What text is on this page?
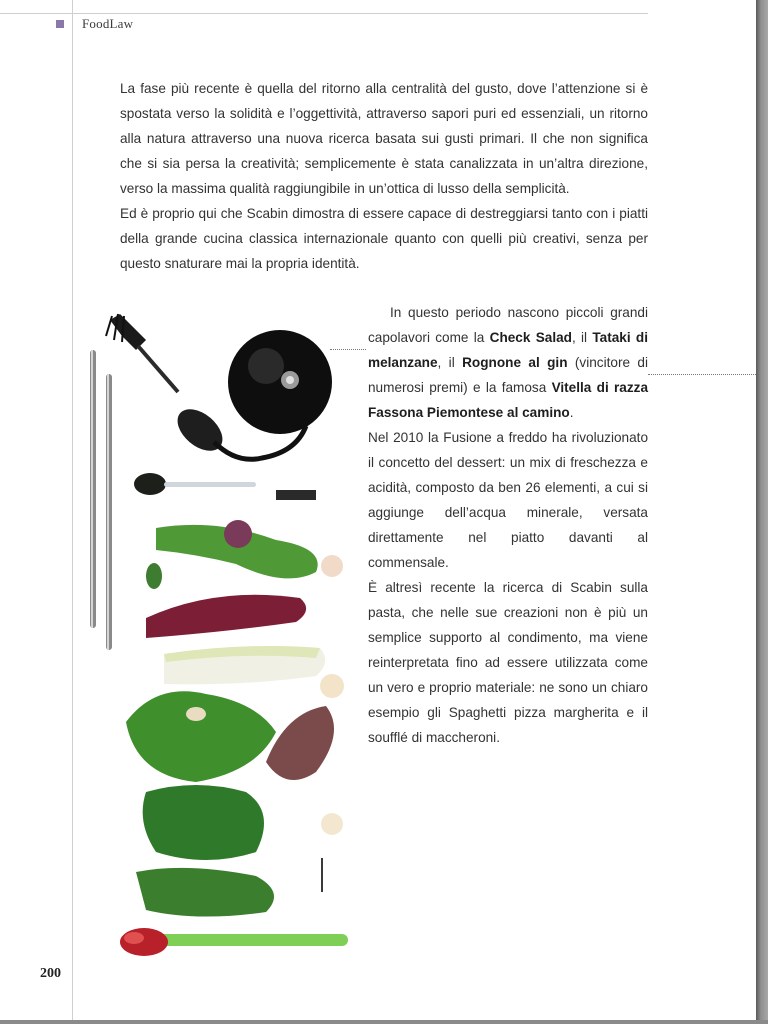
FoodLaw

La fase più recente è quella del ritorno alla centralità del gusto, dove l’attenzione si è spostata verso la solidità e l’oggettività, attraverso sapori puri ed essenziali, un ritorno alla natura attraverso una nuova ricerca basata sui gusti primari. Il che non significa che si sia persa la creatività; semplicemente è stata canalizzata in un’altra direzione, verso la massima qualità raggiungibile in un’ottica di lusso della semplicità.

Ed è proprio qui che Scabin dimostra di essere capace di destreggiarsi tanto con i piatti della grande cucina classica internazionale quanto con quelli più creativi, senza per questo snaturare mai la propria identità.

In questo periodo nascono piccoli grandi capolavori come la Check Salad, il Tataki di melanzane, il Rognone al gin (vincitore di numerosi premi) e la famosa Vitella di razza Fassona Piemontese al camino.

Nel 2010 la Fusione a freddo ha rivoluzionato il concetto del dessert: un mix di freschezza e acidità, composto da ben 26 elementi, a cui si aggiunge dell’acqua minerale, versata direttamente nel piatto davanti al commensale.

È altresì recente la ricerca di Scabin sulla pasta, che nelle sue creazioni non è più un semplice supporto al condimento, ma viene reinterpretata fino ad essere utilizzata come un vero e proprio materiale: ne sono un chiaro esempio gli Spaghetti pizza margherita e il soufflé di maccheroni.

200
